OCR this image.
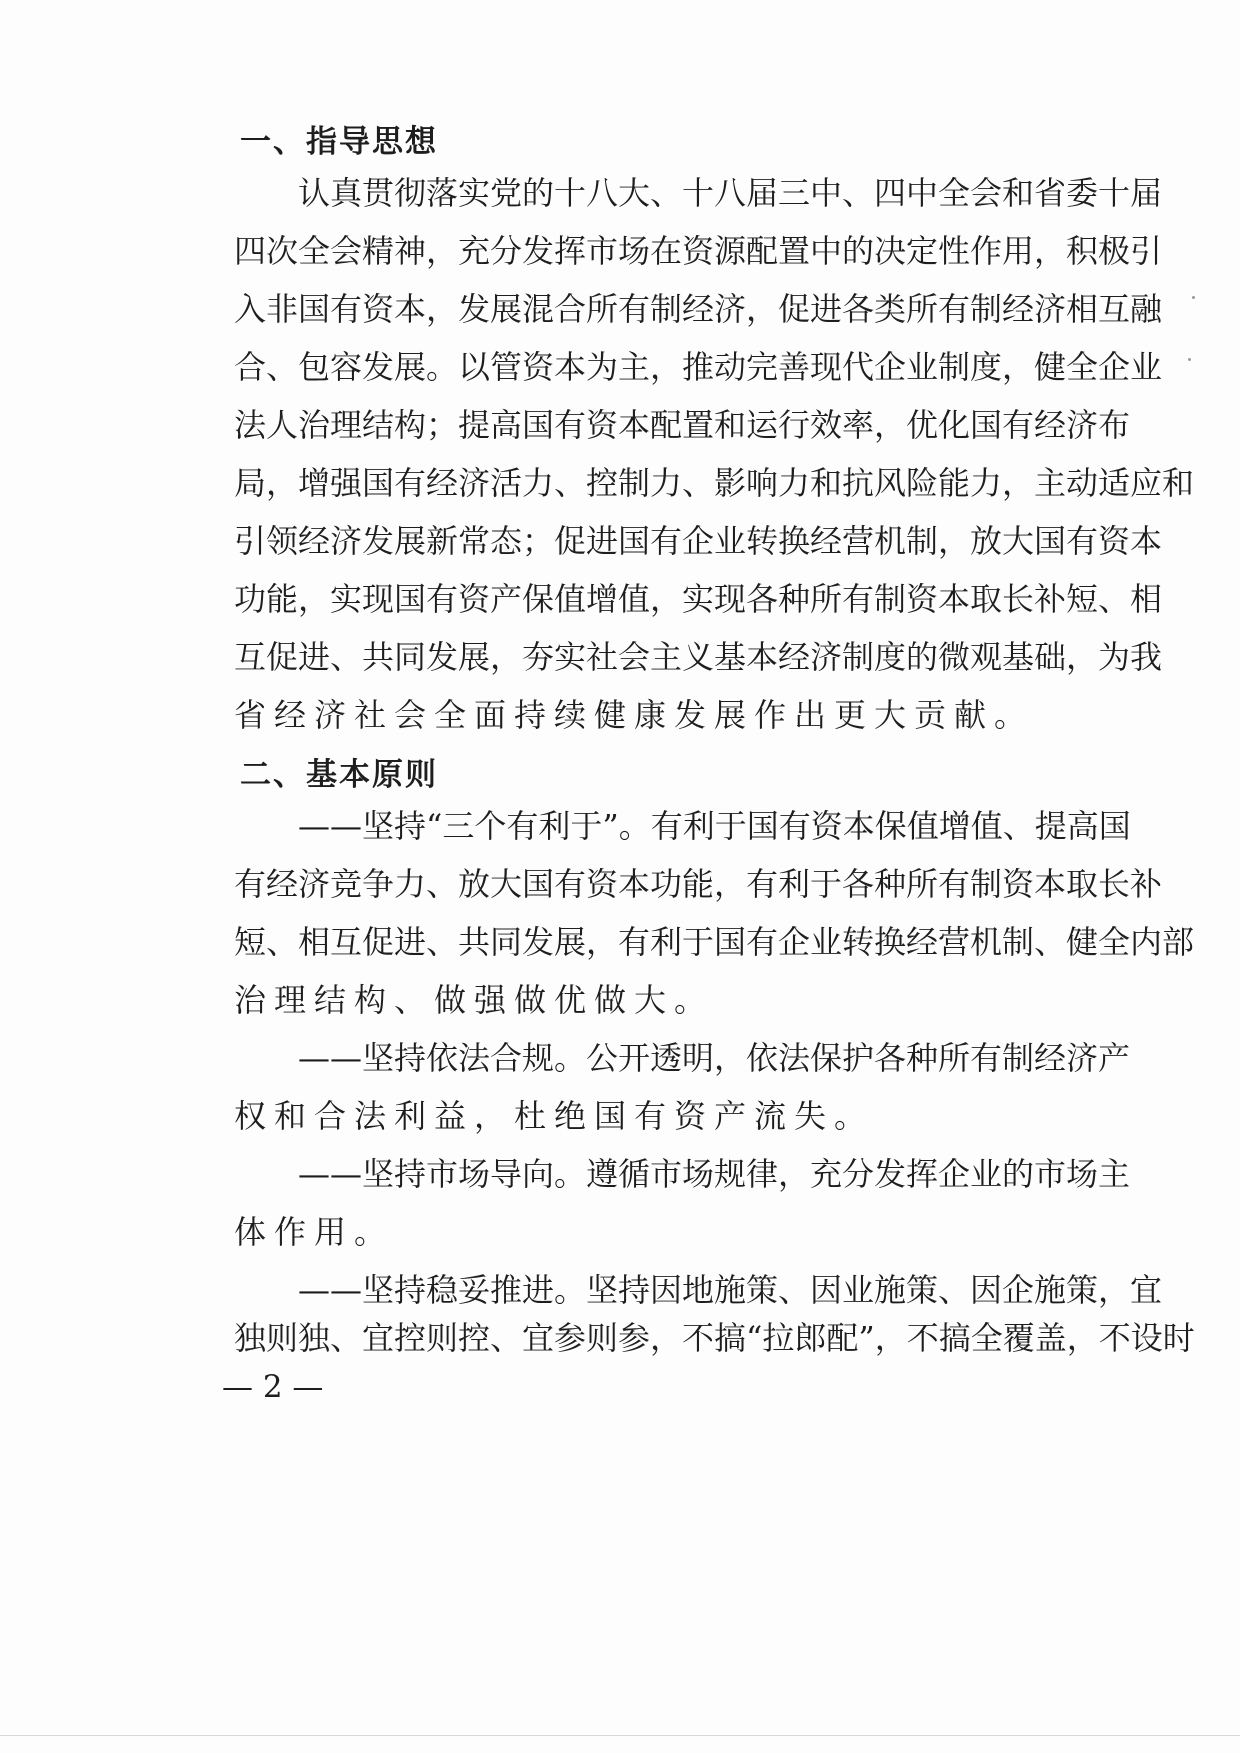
一、指导思想
认真贯彻落实党的十八大、十八届三中、四中全会和省委十届
四次全会精神，充分发挥市场在资源配置中的决定性作用，积极引
入非国有资本，发展混合所有制经济，促进各类所有制经济相互融
合、包容发展。以管资本为主，推动完善现代企业制度，健全企业
法人治理结构；提高国有资本配置和运行效率，优化国有经济布
局，增强国有经济活力、控制力、影响力和抗风险能力，主动适应和
引领经济发展新常态；促进国有企业转换经营机制，放大国有资本
功能，实现国有资产保值增值，实现各种所有制资本取长补短、相
互促进、共同发展，夯实社会主义基本经济制度的微观基础，为我
省经济社会全面持续健康发展作出更大贡献。
二、基本原则
——坚持“三个有利于”。有利于国有资本保值增值、提高国
有经济竞争力、放大国有资本功能，有利于各种所有制资本取长补
短、相互促进、共同发展，有利于国有企业转换经营机制、健全内部
治理结构、做强做优做大。
——坚持依法合规。公开透明，依法保护各种所有制经济产
权和合法利益，杜绝国有资产流失。
——坚持市场导向。遵循市场规律，充分发挥企业的市场主
体作用。
——坚持稳妥推进。坚持因地施策、因业施策、因企施策，宜
独则独、宜控则控、宜参则参，不搞“拉郎配”，不搞全覆盖，不设时
— 2 —
